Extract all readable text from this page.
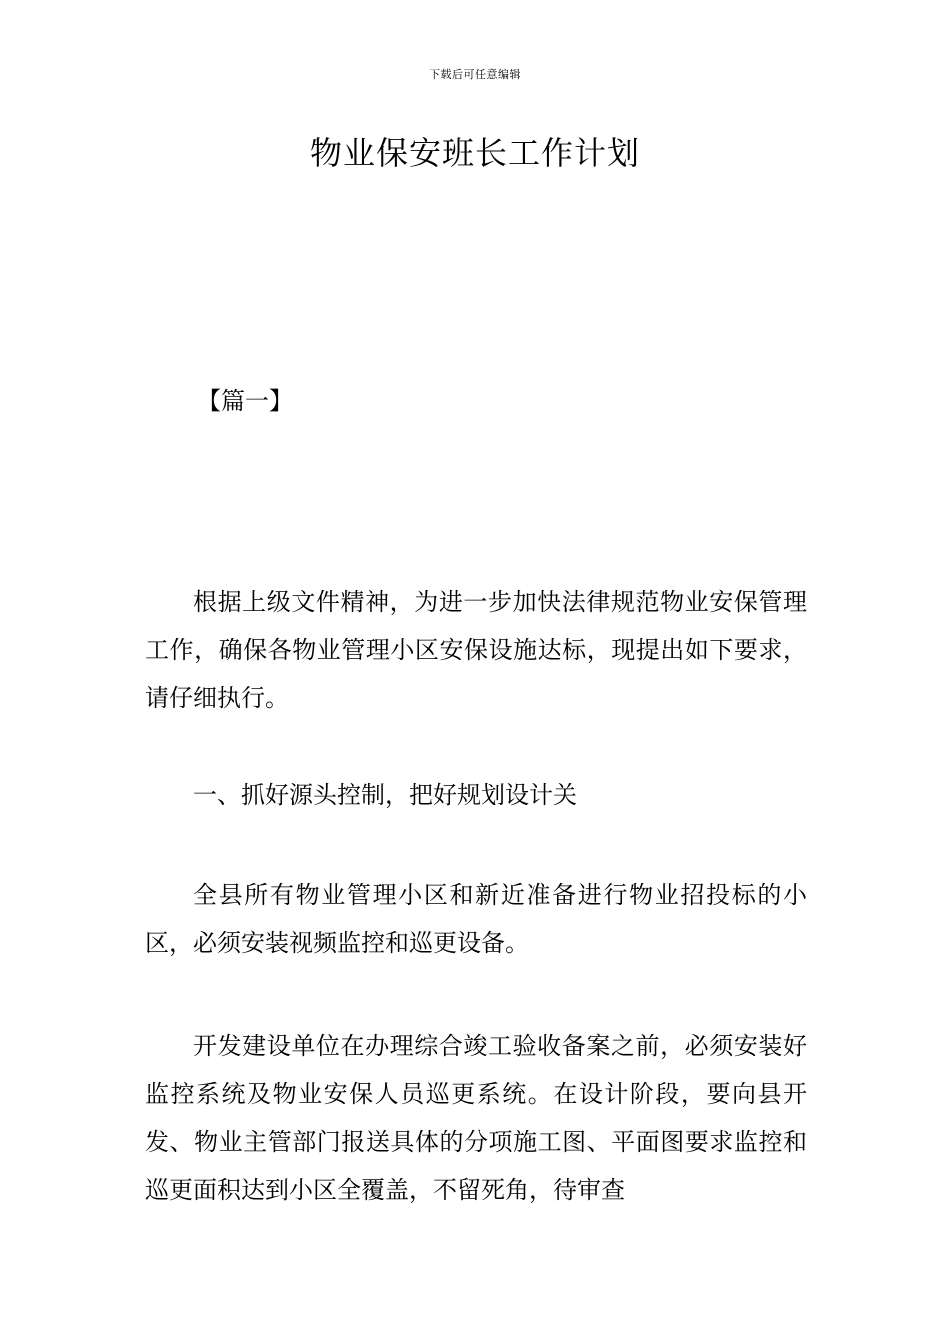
下载后可任意编辑
物业保安班长工作计划
【篇一】

根据上级文件精神，为进一步加快法律规范物业安保管理工作，确保各物业管理小区安保设施达标，现提出如下要求，请仔细执行。

一、抓好源头控制，把好规划设计关

全县所有物业管理小区和新近准备进行物业招投标的小区，必须安装视频监控和巡更设备。

开发建设单位在办理综合竣工验收备案之前，必须安装好监控系统及物业安保人员巡更系统。在设计阶段，要向县开发、物业主管部门报送具体的分项施工图、平面图要求监控和巡更面积达到小区全覆盖，不留死角，待审查
